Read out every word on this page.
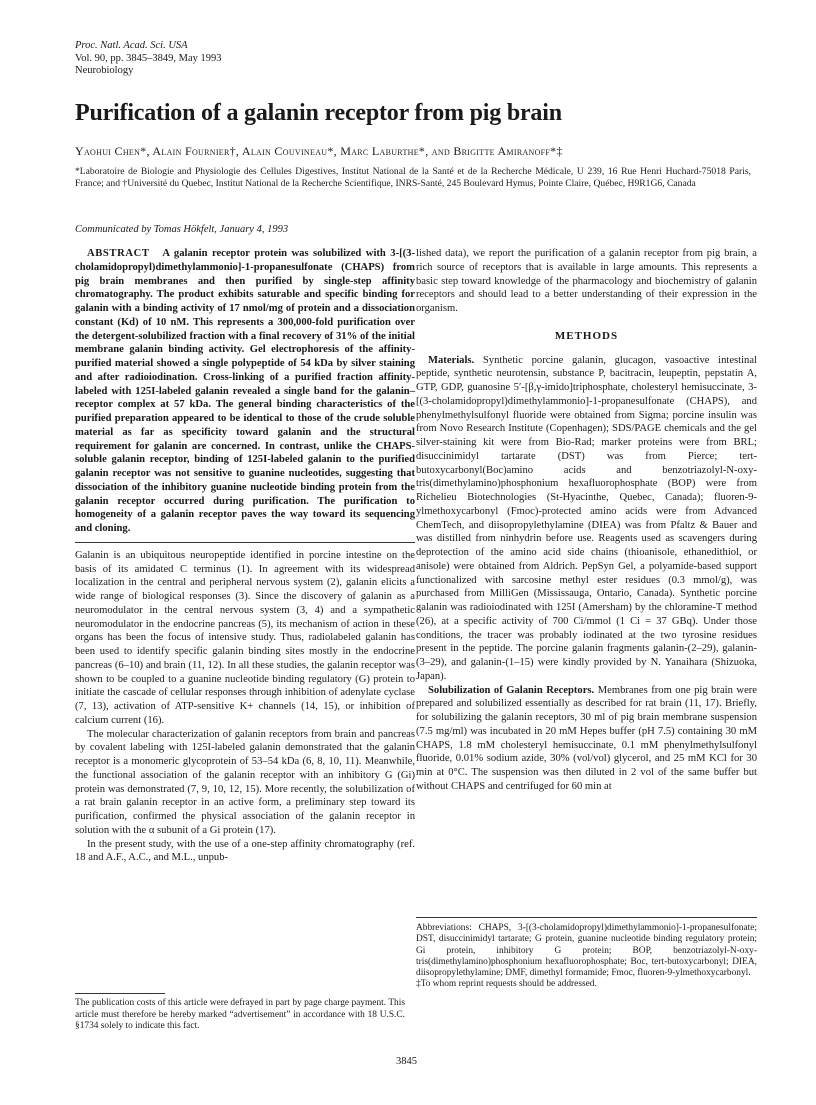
Proc. Natl. Acad. Sci. USA
Vol. 90, pp. 3845–3849, May 1993
Neurobiology
Purification of a galanin receptor from pig brain
Yaohui Chen*, Alain Fournier†, Alain Couvineau*, Marc Laburthe*, and Brigitte Amiranoff*‡
*Laboratoire de Biologie and Physiologie des Cellules Digestives, Institut National de la Santé et de la Recherche Médicale, U 239, 16 Rue Henri Huchard-75018 Paris, France; and †Université du Quebec, Institut National de la Recherche Scientifique, INRS-Santé, 245 Boulevard Hymus, Pointe Claire, Québec, H9R1G6, Canada
Communicated by Tomas Hökfelt, January 4, 1993

ABSTRACT A galanin receptor protein was solubilized with 3-[(3-cholamidopropyl)dimethylammonio]-1-propanesulfonate (CHAPS) from pig brain membranes and then purified by single-step affinity chromatography. The product exhibits saturable and specific binding for galanin with a binding activity of 17 nmol/mg of protein and a dissociation constant (Kd) of 10 nM. This represents a 300,000-fold purification over the detergent-solubilized fraction with a final recovery of 31% of the initial membrane galanin binding activity. Gel electrophoresis of the affinity-purified material showed a single polypeptide of 54 kDa by silver staining and after radioiodination. Cross-linking of a purified fraction affinity-labeled with 125I-labeled galanin revealed a single band for the galanin–receptor complex at 57 kDa. The general binding characteristics of the purified preparation appeared to be identical to those of the crude soluble material as far as specificity toward galanin and the structural requirement for galanin are concerned. In contrast, unlike the CHAPS-soluble galanin receptor, binding of 125I-labeled galanin to the purified galanin receptor was not sensitive to guanine nucleotides, suggesting that dissociation of the inhibitory guanine nucleotide binding protein from the galanin receptor occurred during purification. The purification to homogeneity of a galanin receptor paves the way toward its sequencing and cloning.

Galanin is an ubiquitous neuropeptide identified in porcine intestine on the basis of its amidated C terminus (1). In agreement with its widespread localization in the central and peripheral nervous system (2), galanin elicits a wide range of biological responses (3). Since the discovery of galanin as a neuromodulator in the central nervous system (3, 4) and a sympathetic neuromodulator in the endocrine pancreas (5), its mechanism of action in these organs has been the focus of intensive study. Thus, radiolabeled galanin has been used to identify specific galanin binding sites mostly in the endocrine pancreas (6–10) and brain (11, 12). In all these studies, the galanin receptor was shown to be coupled to a guanine nucleotide binding regulatory (G) protein to initiate the cascade of cellular responses through inhibition of adenylate cyclase (7, 13), activation of ATP-sensitive K+ channels (14, 15), or inhibition of calcium current (16).

The molecular characterization of galanin receptors from brain and pancreas by covalent labeling with 125I-labeled galanin demonstrated that the galanin receptor is a monomeric glycoprotein of 53–54 kDa (6, 8, 10, 11). Meanwhile, the functional association of the galanin receptor with an inhibitory G (Gi) protein was demonstrated (7, 9, 10, 12, 15). More recently, the solubilization of a rat brain galanin receptor in an active form, a preliminary step toward its purification, confirmed the physical association of the galanin receptor in solution with the α subunit of a Gi protein (17).

In the present study, with the use of a one-step affinity chromatography (ref. 18 and A.F., A.C., and M.L., unpub-

lished data), we report the purification of a galanin receptor from pig brain, a rich source of receptors that is available in large amounts. This represents a basic step toward knowledge of the pharmacology and biochemistry of galanin receptors and should lead to a better understanding of their expression in the organism.

METHODS

Materials. Synthetic porcine galanin, glucagon, vasoactive intestinal peptide, synthetic neurotensin, substance P, bacitracin, leupeptin, pepstatin A, GTP, GDP, guanosine 5′-[β,γ-imido]triphosphate, cholesteryl hemisuccinate, 3-[(3-cholamidopropyl)dimethylammonio]-1-propanesulfonate (CHAPS), and phenylmethylsulfonyl fluoride were obtained from Sigma; porcine insulin was from Novo Research Institute (Copenhagen); SDS/PAGE chemicals and the gel silver-staining kit were from Bio-Rad; marker proteins were from BRL; disuccinimidyl tartarate (DST) was from Pierce; tert-butoxycarbonyl(Boc)amino acids and benzotriazolyl-N-oxy-tris(dimethylamino)phosphonium hexafluorophosphate (BOP) were from Richelieu Biotechnologies (St-Hyacinthe, Quebec, Canada); fluoren-9-ylmethoxycarbonyl (Fmoc)-protected amino acids were from Advanced ChemTech, and diisopropylethylamine (DIEA) was from Pfaltz & Bauer and was distilled from ninhydrin before use. Reagents used as scavengers during deprotection of the amino acid side chains (thioanisole, ethanedithiol, or anisole) were obtained from Aldrich. PepSyn Gel, a polyamide-based support functionalized with sarcosine methyl ester residues (0.3 mmol/g), was purchased from MilliGen (Mississauga, Ontario, Canada). Synthetic porcine galanin was radioiodinated with 125I (Amersham) by the chloramine-T method (26), at a specific activity of 700 Ci/mmol (1 Ci = 37 GBq). Under those conditions, the tracer was probably iodinated at the two tyrosine residues present in the peptide. The porcine galanin fragments galanin-(2–29), galanin-(3–29), and galanin-(1–15) were kindly provided by N. Yanaihara (Shizuoka, Japan).

Solubilization of Galanin Receptors. Membranes from one pig brain were prepared and solubilized essentially as described for rat brain (11, 17). Briefly, for solubilizing the galanin receptors, 30 ml of pig brain membrane suspension (7.5 mg/ml) was incubated in 20 mM Hepes buffer (pH 7.5) containing 30 mM CHAPS, 1.8 mM cholesteryl hemisuccinate, 0.1 mM phenylmethylsulfonyl fluoride, 0.01% sodium azide, 30% (vol/vol) glycerol, and 25 mM KCl for 30 min at 0°C. The suspension was then diluted in 2 vol of the same buffer but without CHAPS and centrifuged for 60 min at

The publication costs of this article were defrayed in part by page charge payment. This article must therefore be hereby marked “advertisement” in accordance with 18 U.S.C. §1734 solely to indicate this fact.
Abbreviations: CHAPS, 3-[(3-cholamidopropyl)dimethylammonio]-1-propanesulfonate; DST, disuccinimidyl tartarate; G protein, guanine nucleotide binding regulatory protein; Gi protein, inhibitory G protein; BOP, benzotriazolyl-N-oxy-tris(dimethylamino)phosphonium hexafluorophosphate; Boc, tert-butoxycarbonyl; DIEA, diisopropylethylamine; DMF, dimethyl formamide; Fmoc, fluoren-9-ylmethoxycarbonyl.
‡To whom reprint requests should be addressed.
3845
